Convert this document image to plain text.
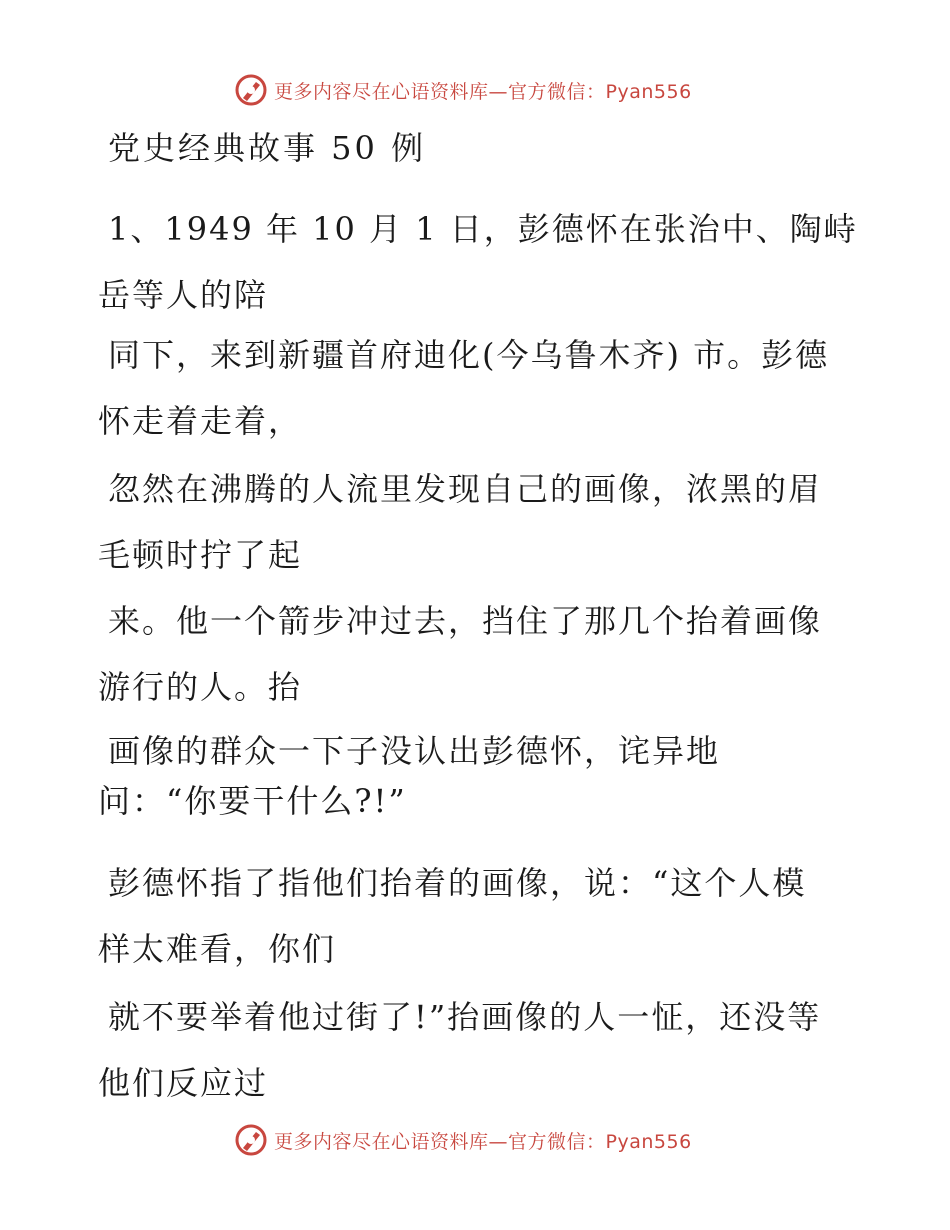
更多内容尽在心语资料库—官方微信：Pyan556
党史经典故事 50 例
1、1949 年 10 月 1 日，彭德怀在张治中、陶峙
岳等人的陪
同下，来到新疆首府迪化(今乌鲁木齐) 市。彭德
怀走着走着，
忽然在沸腾的人流里发现自己的画像，浓黑的眉
毛顿时拧了起
来。他一个箭步冲过去，挡住了那几个抬着画像
游行的人。抬
画像的群众一下子没认出彭德怀，诧异地
问：“你要干什么?!”
彭德怀指了指他们抬着的画像，说：“这个人模
样太难看，你们
就不要举着他过街了!”抬画像的人一怔，还没等
他们反应过
更多内容尽在心语资料库—官方微信：Pyan556
